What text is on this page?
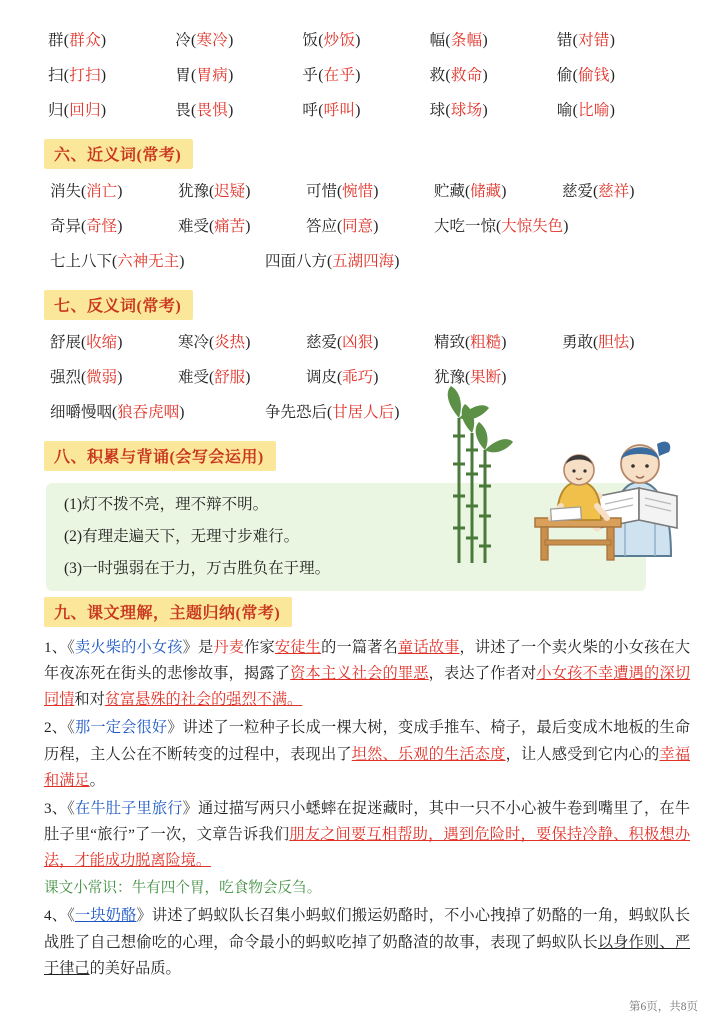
群(群众)	冷(寒冷)	饭(炒饭)	幅(条幅)	错(对错)
扫(打扫)	胃(胃病)	乎(在乎)	救(救命)	偷(偷钱)
归(回归)	畏(畏惧)	呼(呼叫)	球(球场)	喻(比喻)
六、近义词(常考)
消失(消亡)	犹豫(迟疑)	可惜(惋惜)	贮藏(储藏)	慈爱(慈祥)
奇异(奇怪)	难受(痛苦)	答应(同意)	大吃一惊(大惊失色)
七上八下(六神无主)	四面八方(五湖四海)
七、反义词(常考)
舒展(收缩)	寒冷(炎热)	慈爱(凶狠)	精致(粗糙)	勇敢(胆怯)
强烈(微弱)	难受(舒服)	调皮(乖巧)	犹豫(果断)
细嚼慢咽(狼吞虎咽)	争先恐后(甘居人后)
八、积累与背诵(会写会运用)

(1)灯不拨不亮，理不辩不明。

(2)有理走遍天下，无理寸步难行。

(3)一时强弱在于力，万古胜负在于理。

九、课文理解，主题归纳(常考)

1、《卖火柴的小女孩》是丹麦作家安徒生的一篇著名童话故事，讲述了一个卖火柴的小女孩在大年夜冻死在街头的悲惨故事，揭露了资本主义社会的罪恶，表达了作者对小女孩不幸遭遇的深切同情和对贫富悬殊的社会的强烈不满。

2、《那一定会很好》讲述了一粒种子长成一棵大树，变成手推车、椅子，最后变成木地板的生命历程，主人公在不断转变的过程中，表现出了坦然、乐观的生活态度，让人感受到它内心的幸福和满足。

3、《在牛肚子里旅行》通过描写两只小蟋蟀在捉迷藏时，其中一只不小心被牛卷到嘴里了，在牛肚子里“旅行”了一次，文章告诉我们朋友之间要互相帮助，遇到危险时，要保持冷静、积极想办法，才能成功脱离险境。

课文小常识：牛有四个胃，吃食物会反刍。

4、《一块奶酪》讲述了蚂蚁队长召集小蚂蚁们搬运奶酪时，不小心拽掉了奶酪的一角，蚂蚁队长战胜了自己想偷吃的心理，命令最小的蚂蚁吃掉了奶酪渣的故事，表现了蚂蚁队长以身作则、严于律己的美好品质。

第6页，共8页
